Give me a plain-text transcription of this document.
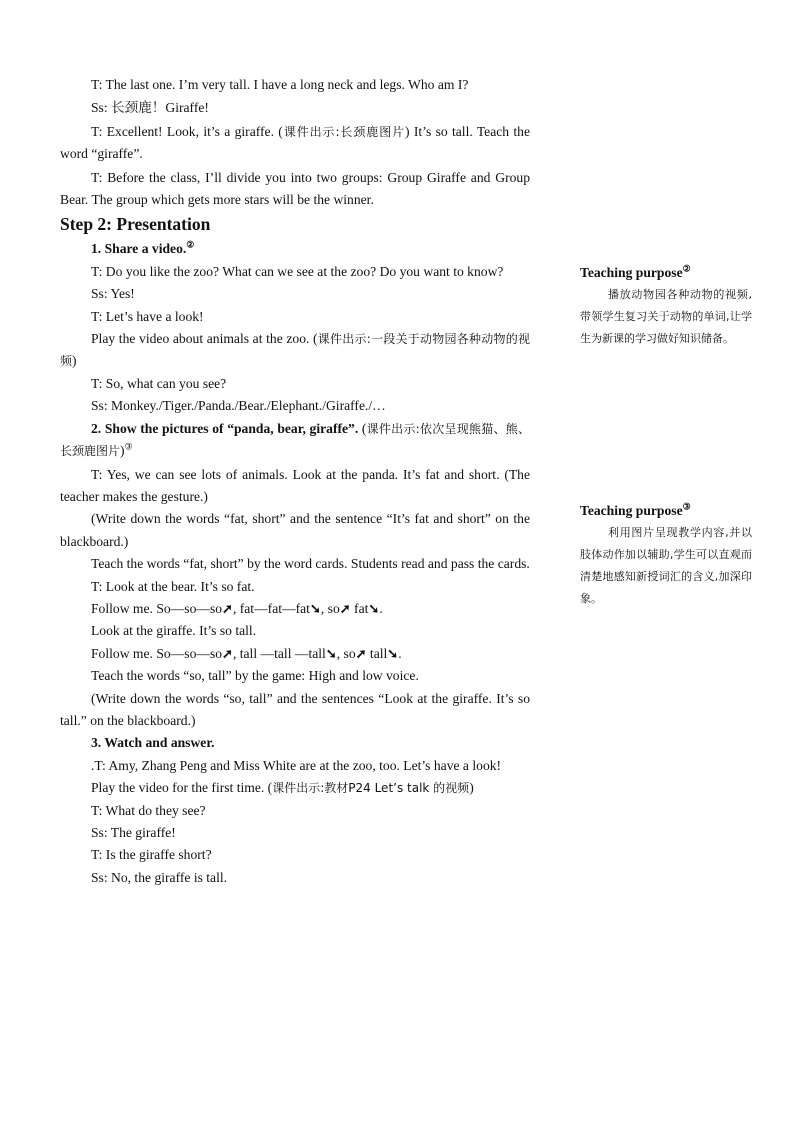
T: The last one. I’m very tall. I have a long neck and legs. Who am I?

Ss: 长颈鹿！Giraffe!

T: Excellent! Look, it’s a giraffe. (课件出示:长颈鹿图片) It’s so tall. Teach the word “giraffe”.

T: Before the class, I’ll divide you into two groups: Group Giraffe and Group Bear. The group which gets more stars will be the winner.

Step 2: Presentation

1. Share a video.②

T: Do you like the zoo? What can we see at the zoo? Do you want to know?

Ss: Yes!

T: Let’s have a look!

Play the video about animals at the zoo. (课件出示:一段关于动物园各种动物的视频)

T: So, what can you see?

Ss: Monkey./Tiger./Panda./Bear./Elephant./Giraffe./…

2. Show the pictures of “panda, bear, giraffe”. (课件出示:依次呈现熊猫、熊、长颈鹿图片)③

T: Yes, we can see lots of animals. Look at the panda. It’s fat and short. (The teacher makes the gesture.)

(Write down the words “fat, short” and the sentence “It’s fat and short” on the blackboard.)

Teach the words “fat, short” by the word cards. Students read and pass the cards.

T: Look at the bear. It’s so fat.

Follow me. So—so—so➚, fat—fat—fat➘, so➚ fat➘.

Look at the giraffe. It’s so tall.

Follow me. So—so—so➚, tall —tall —tall➘, so➚ tall➘.

Teach the words “so, tall” by the game: High and low voice.

(Write down the words “so, tall” and the sentences “Look at the giraffe. It’s so tall.” on the blackboard.)

3. Watch and answer.

.T: Amy, Zhang Peng and Miss White are at the zoo, too. Let’s have a look!

Play the video for the first time. (课件出示:教材P24 Let’s talk 的视频)

T: What do they see?

Ss: The giraffe!

T: Is the giraffe short?

Ss: No, the giraffe is tall.

Teaching purpose②

播放动物园各种动物的视频,带领学生复习关于动物的单词,让学生为新课的学习做好知识储备。

Teaching purpose③

利用图片呈现教学内容,并以肢体动作加以辅助,学生可以直观而清楚地感知新授词汇的含义,加深印象。
